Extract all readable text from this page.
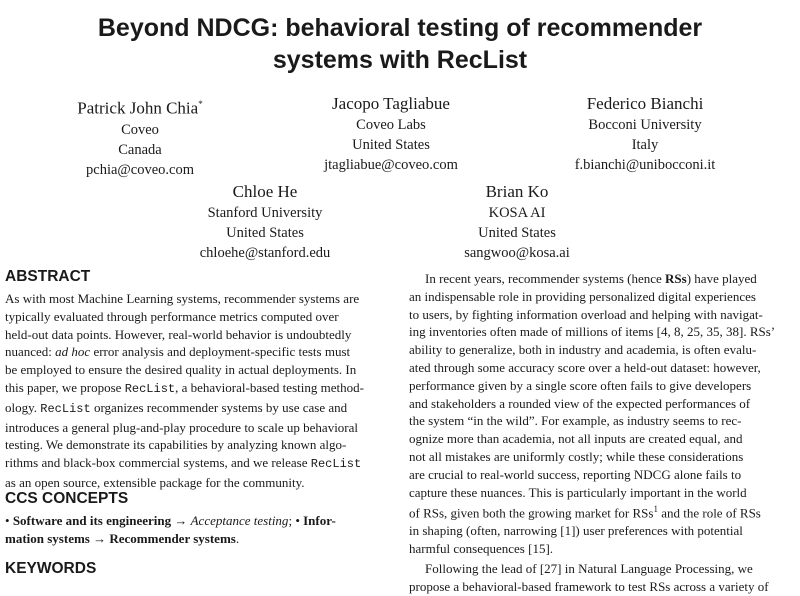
Beyond NDCG: behavioral testing of recommender
systems with RecList
Patrick John Chia*
Coveo
Canada
pchia@coveo.com
Jacopo Tagliabue
Coveo Labs
United States
jtagliabue@coveo.com
Federico Bianchi
Bocconi University
Italy
f.bianchi@unibocconi.it
Chloe He
Stanford University
United States
chloehe@stanford.edu
Brian Ko
KOSA AI
United States
sangwoo@kosa.ai
ABSTRACT
As with most Machine Learning systems, recommender systems are
typically evaluated through performance metrics computed over
held-out data points. However, real-world behavior is undoubtedly
nuanced: ad hoc error analysis and deployment-specific tests must
be employed to ensure the desired quality in actual deployments. In
this paper, we propose RecList, a behavioral-based testing method-
ology. RecList organizes recommender systems by use case and
introduces a general plug-and-play procedure to scale up behavioral
testing. We demonstrate its capabilities by analyzing known algo-
rithms and black-box commercial systems, and we release RecList
as an open source, extensible package for the community.
CCS CONCEPTS
• Software and its engineering → Acceptance testing; • Infor-
mation systems → Recommender systems.
KEYWORDS
In recent years, recommender systems (hence RSs) have played
an indispensable role in providing personalized digital experiences
to users, by fighting information overload and helping with navigat-
ing inventories often made of millions of items [4, 8, 25, 35, 38]. RSs’
ability to generalize, both in industry and academia, is often evalu-
ated through some accuracy score over a held-out dataset: however,
performance given by a single score often fails to give developers
and stakeholders a rounded view of the expected performances of
the system “in the wild”. For example, as industry seems to rec-
ognize more than academia, not all inputs are created equal, and
not all mistakes are uniformly costly; while these considerations
are crucial to real-world success, reporting NDCG alone fails to
capture these nuances. This is particularly important in the world
of RSs, given both the growing market for RSs$^1$ and the role of RSs
in shaping (often, narrowing [1]) user preferences with potential
harmful consequences [15].
Following the lead of [27] in Natural Language Processing, we
propose a behavioral-based framework to test RSs across a variety of
